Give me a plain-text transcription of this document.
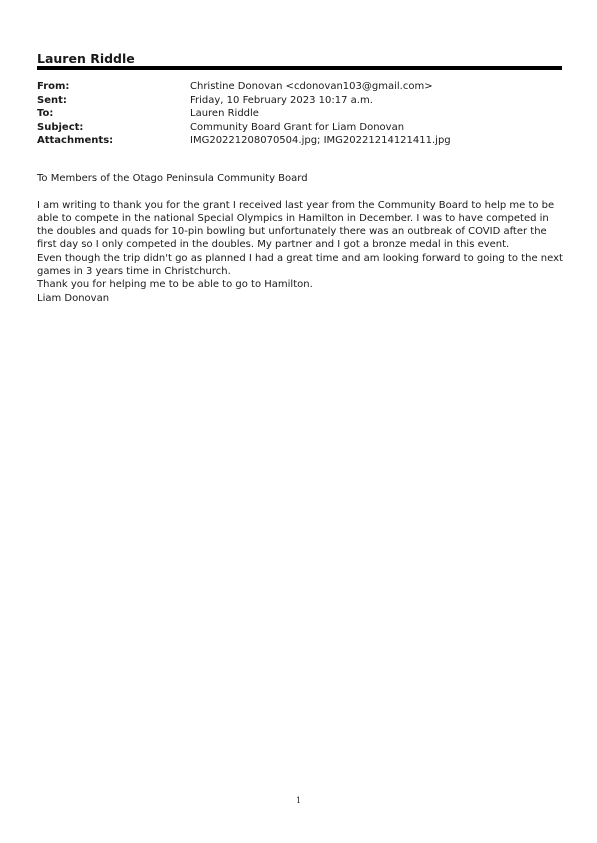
Lauren Riddle
From:	Christine Donovan <cdonovan103@gmail.com>
Sent:	Friday, 10 February 2023 10:17 a.m.
To:	Lauren Riddle
Subject:	Community Board Grant for Liam Donovan
Attachments:	IMG20221208070504.jpg; IMG20221214121411.jpg

To Members of the Otago Peninsula Community Board

I am writing to thank you for the grant I received last year from the Community Board to help me to be able to compete in the national Special Olympics in Hamilton in December. I was to have competed in the doubles and quads for 10-pin bowling but unfortunately there was an outbreak of COVID after the first day so I only competed in the doubles. My partner and I got a bronze medal in this event.

Even though the trip didn't go as planned I had a great time and am looking forward to going to the next games in 3 years time in Christchurch.

Thank you for helping me to be able to go to Hamilton.

Liam Donovan

1
